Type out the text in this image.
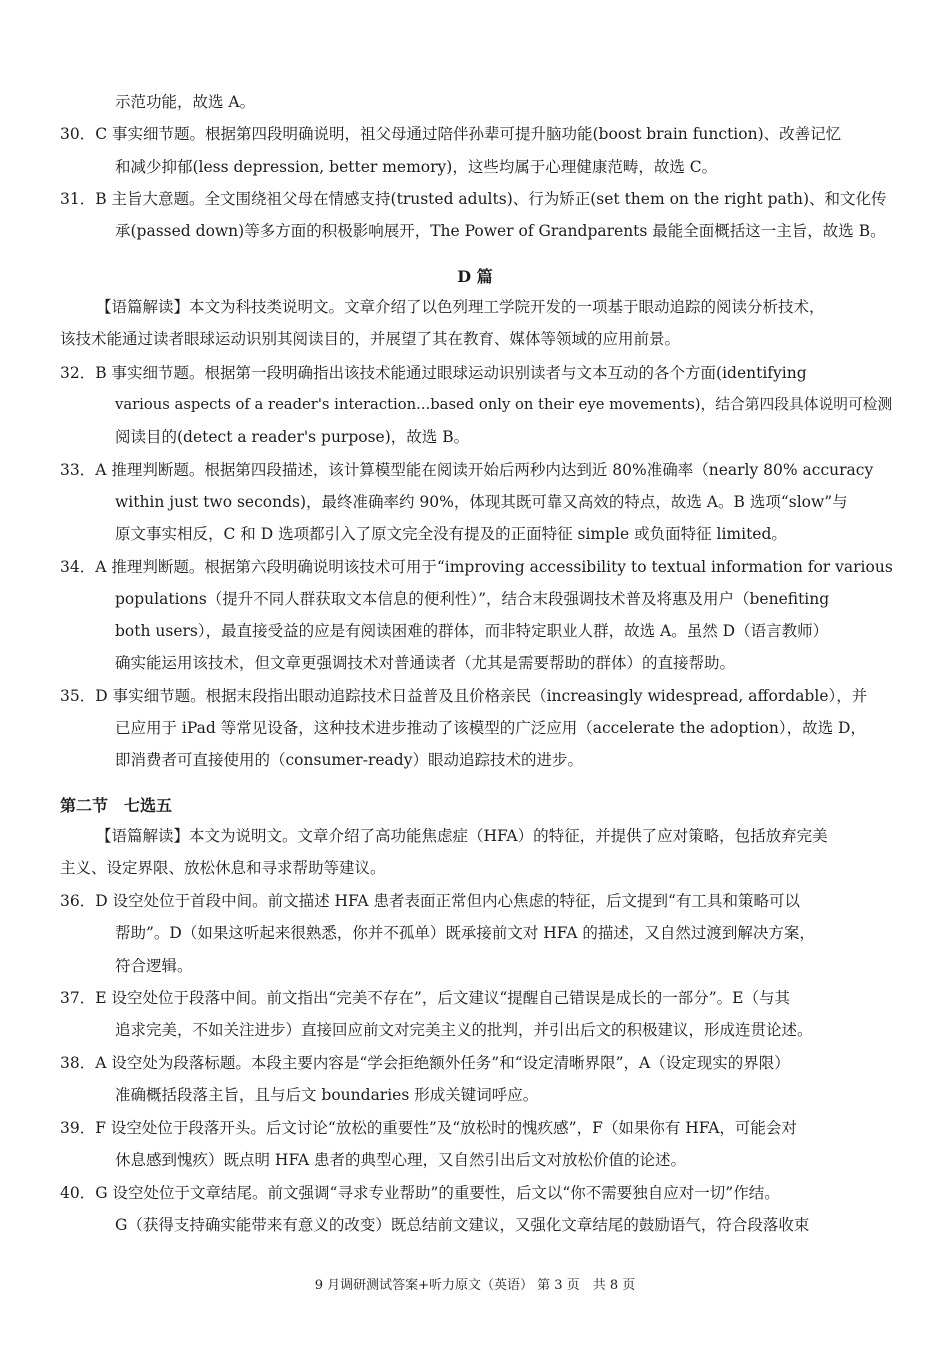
示范功能，故选 A。
30．C 事实细节题。根据第四段明确说明，祖父母通过陪伴孙辈可提升脑功能(boost brain function)、改善记忆
和减少抑郁(less depression, better memory)，这些均属于心理健康范畴，故选 C。
31．B 主旨大意题。全文围绕祖父母在情感支持(trusted adults)、行为矫正(set them on the right path)、和文化传
承(passed down)等多方面的积极影响展开，The Power of Grandparents 最能全面概括这一主旨，故选 B。
D 篇
【语篇解读】本文为科技类说明文。文章介绍了以色列理工学院开发的一项基于眼动追踪的阅读分析技术，
该技术能通过读者眼球运动识别其阅读目的，并展望了其在教育、媒体等领域的应用前景。
32．B 事实细节题。根据第一段明确指出该技术能通过眼球运动识别读者与文本互动的各个方面(identifying
various aspects of a reader's interaction...based only on their eye movements)，结合第四段具体说明可检测
阅读目的(detect a reader's purpose)，故选 B。
33．A 推理判断题。根据第四段描述，该计算模型能在阅读开始后两秒内达到近 80%准确率（nearly 80% accuracy
within just two seconds)，最终准确率约 90%，体现其既可靠又高效的特点，故选 A。B 选项“slow”与
原文事实相反，C 和 D 选项都引入了原文完全没有提及的正面特征 simple 或负面特征 limited。
34．A 推理判断题。根据第六段明确说明该技术可用于“improving accessibility to textual information for various
populations（提升不同人群获取文本信息的便利性）”，结合末段强调技术普及将惠及用户（benefiting
both users），最直接受益的应是有阅读困难的群体，而非特定职业人群，故选 A。虽然 D（语言教师）
确实能运用该技术，但文章更强调技术对普通读者（尤其是需要帮助的群体）的直接帮助。
35．D 事实细节题。根据末段指出眼动追踪技术日益普及且价格亲民（increasingly widespread, affordable），并
已应用于 iPad 等常见设备，这种技术进步推动了该模型的广泛应用（accelerate the adoption），故选 D，
即消费者可直接使用的（consumer-ready）眼动追踪技术的进步。
第二节　七选五
【语篇解读】本文为说明文。文章介绍了高功能焦虑症（HFA）的特征，并提供了应对策略，包括放弃完美
主义、设定界限、放松休息和寻求帮助等建议。
36．D 设空处位于首段中间。前文描述 HFA 患者表面正常但内心焦虑的特征，后文提到“有工具和策略可以
帮助”。D（如果这听起来很熟悉，你并不孤单）既承接前文对 HFA 的描述，又自然过渡到解决方案，
符合逻辑。
37．E 设空处位于段落中间。前文指出“完美不存在”，后文建议“提醒自己错误是成长的一部分”。E（与其
追求完美，不如关注进步）直接回应前文对完美主义的批判，并引出后文的积极建议，形成连贯论述。
38．A 设空处为段落标题。本段主要内容是“学会拒绝额外任务”和“设定清晰界限”，A（设定现实的界限）
准确概括段落主旨，且与后文 boundaries 形成关键词呼应。
39．F 设空处位于段落开头。后文讨论“放松的重要性”及“放松时的愧疚感”，F（如果你有 HFA，可能会对
休息感到愧疚）既点明 HFA 患者的典型心理，又自然引出后文对放松价值的论述。
40．G 设空处位于文章结尾。前文强调“寻求专业帮助”的重要性，后文以“你不需要独自应对一切”作结。
G（获得支持确实能带来有意义的改变）既总结前文建议，又强化文章结尾的鼓励语气，符合段落收束
9 月调研测试答案+听力原文（英语） 第 3 页　共 8 页
